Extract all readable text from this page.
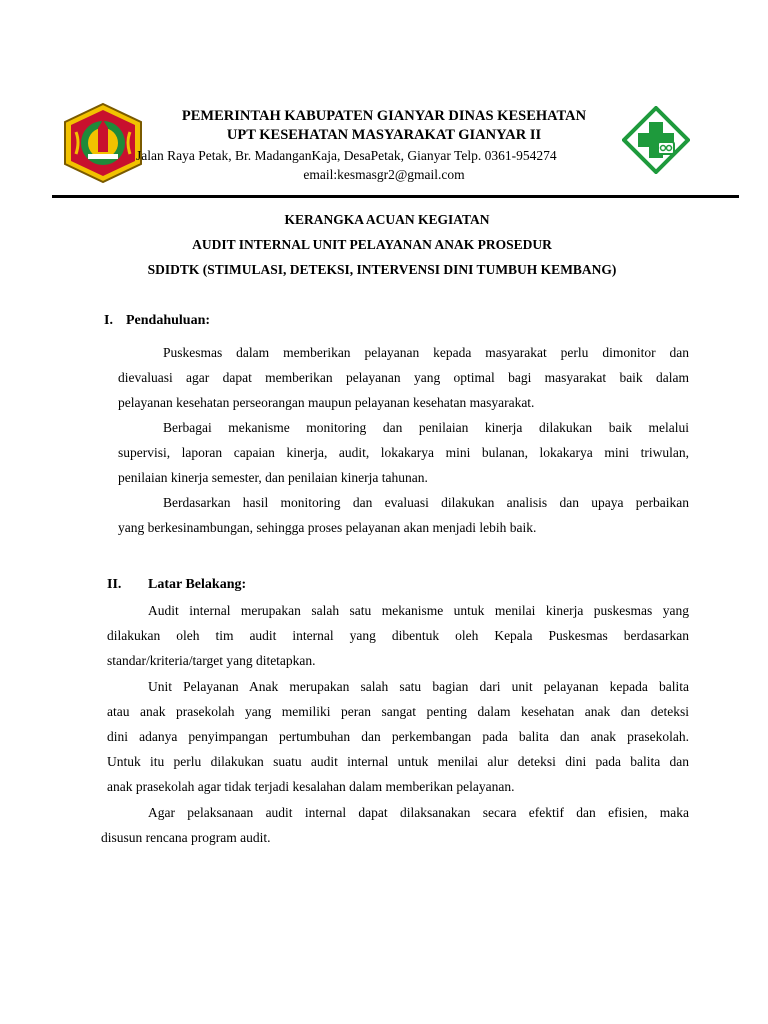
PEMERINTAH KABUPATEN GIANYAR DINAS KESEHATAN
UPT KESEHATAN MASYARAKAT GIANYAR II
Jalan Raya Petak, Br. MadanganKaja, DesaPetak, Gianyar Telp. 0361-954274
email:kesmasgr2@gmail.com
KERANGKA ACUAN KEGIATAN
AUDIT INTERNAL UNIT PELAYANAN ANAK PROSEDUR
SDIDTK (STIMULASI, DETEKSI, INTERVENSI DINI TUMBUH KEMBANG)
I. Pendahuluan:
Puskesmas dalam memberikan pelayanan kepada masyarakat perlu dimonitor dan
dievaluasi agar dapat memberikan pelayanan yang optimal bagi masyarakat baik dalam
pelayanan kesehatan perseorangan maupun pelayanan kesehatan masyarakat.
Berbagai mekanisme monitoring dan penilaian kinerja dilakukan baik melalui
supervisi, laporan capaian kinerja, audit, lokakarya mini bulanan, lokakarya mini triwulan,
penilaian kinerja semester, dan penilaian kinerja tahunan.
Berdasarkan hasil monitoring dan evaluasi dilakukan analisis dan upaya perbaikan
yang berkesinambungan, sehingga proses pelayanan akan menjadi lebih baik.
II. Latar Belakang:
Audit internal merupakan salah satu mekanisme untuk menilai kinerja puskesmas yang
dilakukan oleh tim audit internal yang dibentuk oleh Kepala Puskesmas berdasarkan
standar/kriteria/target yang ditetapkan.
Unit Pelayanan Anak merupakan salah satu bagian dari unit pelayanan kepada balita
atau anak prasekolah yang memiliki peran sangat penting dalam kesehatan anak dan deteksi
dini adanya penyimpangan pertumbuhan dan perkembangan pada balita dan anak prasekolah.
Untuk itu perlu dilakukan suatu audit internal untuk menilai alur deteksi dini pada balita dan
anak prasekolah agar tidak terjadi kesalahan dalam memberikan pelayanan.
Agar pelaksanaan audit internal dapat dilaksanakan secara efektif dan efisien, maka
disusun rencana program audit.
